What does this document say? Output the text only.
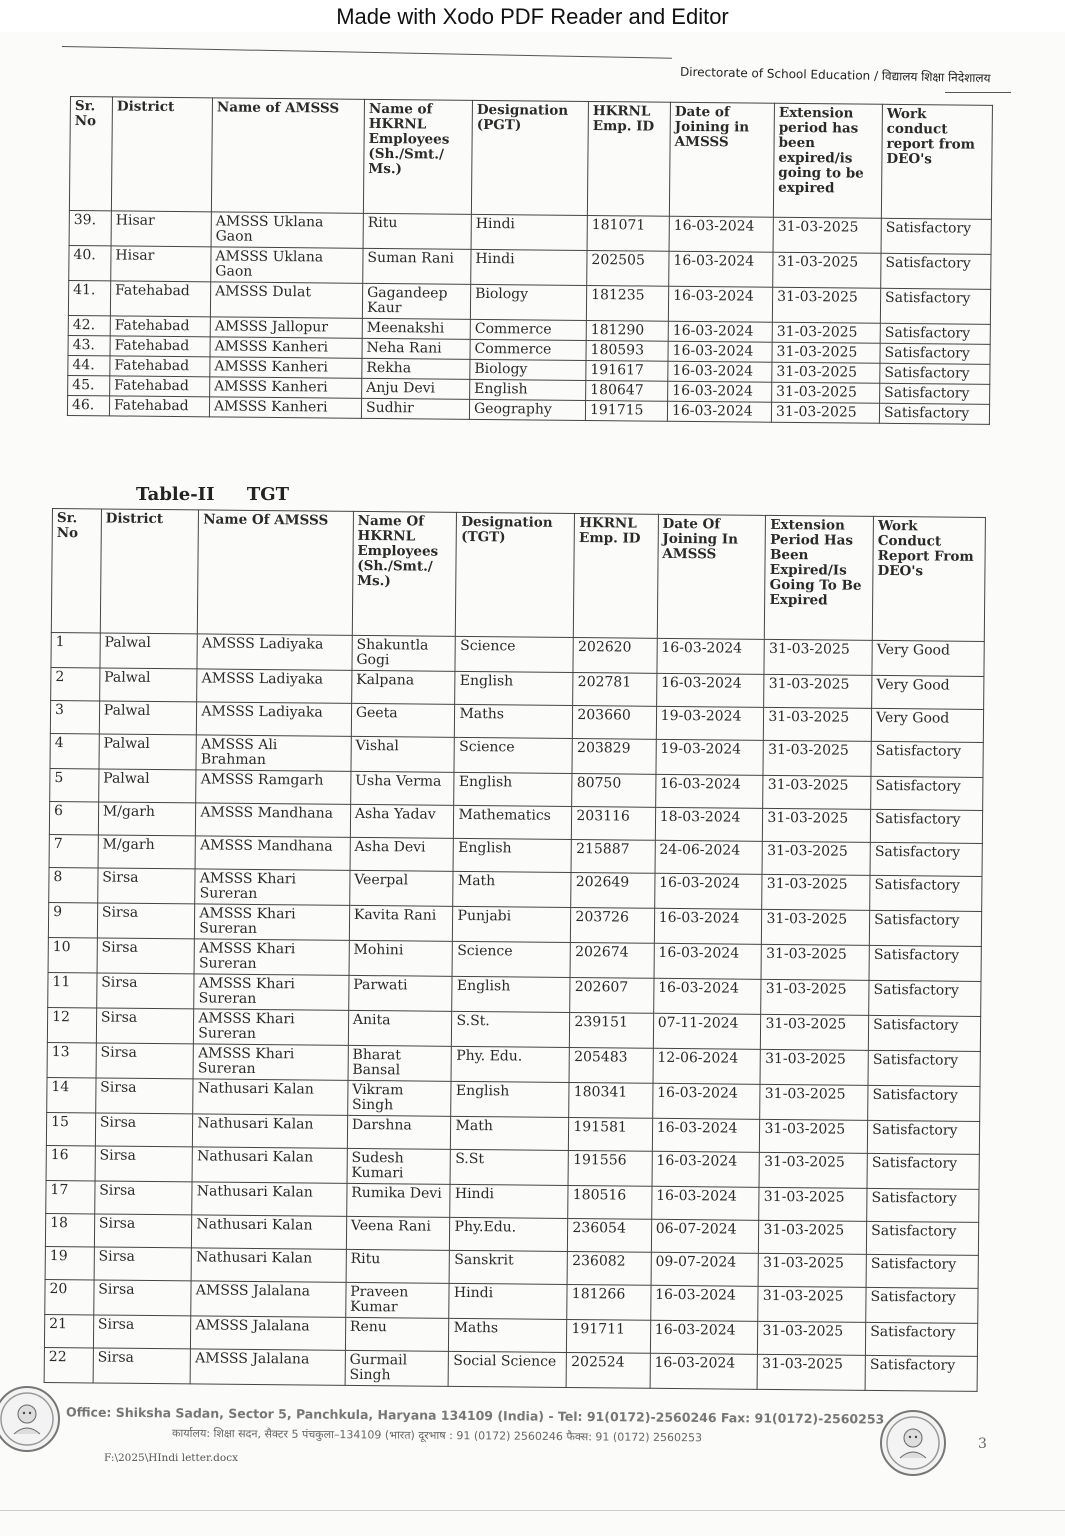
Made with Xodo PDF Reader and Editor
Directorate of School Education / विद्यालय शिक्षा निदेशालय
Sr. No	District	Name of AMSSS	Name of HKRNL Employees (Sh./Smt./ Ms.)	Designation (PGT)	HKRNL Emp. ID	Date of Joining in AMSSS	Extension period has been expired/is going to be expired	Work conduct report from DEO's
39.	Hisar	AMSSS Uklana Gaon	Ritu	Hindi	181071	16-03-2024	31-03-2025	Satisfactory
40.	Hisar	AMSSS Uklana Gaon	Suman Rani	Hindi	202505	16-03-2024	31-03-2025	Satisfactory
41.	Fatehabad	AMSSS Dulat	Gagandeep Kaur	Biology	181235	16-03-2024	31-03-2025	Satisfactory
42.	Fatehabad	AMSSS Jallopur	Meenakshi	Commerce	181290	16-03-2024	31-03-2025	Satisfactory
43.	Fatehabad	AMSSS Kanheri	Neha Rani	Commerce	180593	16-03-2024	31-03-2025	Satisfactory
44.	Fatehabad	AMSSS Kanheri	Rekha	Biology	191617	16-03-2024	31-03-2025	Satisfactory
45.	Fatehabad	AMSSS Kanheri	Anju Devi	English	180647	16-03-2024	31-03-2025	Satisfactory
46.	Fatehabad	AMSSS Kanheri	Sudhir	Geography	191715	16-03-2024	31-03-2025	Satisfactory
Table-II TGT
Sr. No	District	Name Of AMSSS	Name Of HKRNL Employees (Sh./Smt./ Ms.)	Designation (TGT)	HKRNL Emp. ID	Date Of Joining In AMSSS	Extension Period Has Been Expired/Is Going To Be Expired	Work Conduct Report From DEO's
1	Palwal	AMSSS Ladiyaka	Shakuntla Gogi	Science	202620	16-03-2024	31-03-2025	Very Good
2	Palwal	AMSSS Ladiyaka	Kalpana	English	202781	16-03-2024	31-03-2025	Very Good
3	Palwal	AMSSS Ladiyaka	Geeta	Maths	203660	19-03-2024	31-03-2025	Very Good
4	Palwal	AMSSS Ali Brahman	Vishal	Science	203829	19-03-2024	31-03-2025	Satisfactory
5	Palwal	AMSSS Ramgarh	Usha Verma	English	80750	16-03-2024	31-03-2025	Satisfactory
6	M/garh	AMSSS Mandhana	Asha Yadav	Mathematics	203116	18-03-2024	31-03-2025	Satisfactory
7	M/garh	AMSSS Mandhana	Asha Devi	English	215887	24-06-2024	31-03-2025	Satisfactory
8	Sirsa	AMSSS Khari Sureran	Veerpal	Math	202649	16-03-2024	31-03-2025	Satisfactory
9	Sirsa	AMSSS Khari Sureran	Kavita Rani	Punjabi	203726	16-03-2024	31-03-2025	Satisfactory
10	Sirsa	AMSSS Khari Sureran	Mohini	Science	202674	16-03-2024	31-03-2025	Satisfactory
11	Sirsa	AMSSS Khari Sureran	Parwati	English	202607	16-03-2024	31-03-2025	Satisfactory
12	Sirsa	AMSSS Khari Sureran	Anita	S.St.	239151	07-11-2024	31-03-2025	Satisfactory
13	Sirsa	AMSSS Khari Sureran	Bharat Bansal	Phy. Edu.	205483	12-06-2024	31-03-2025	Satisfactory
14	Sirsa	Nathusari Kalan	Vikram Singh	English	180341	16-03-2024	31-03-2025	Satisfactory
15	Sirsa	Nathusari Kalan	Darshna	Math	191581	16-03-2024	31-03-2025	Satisfactory
16	Sirsa	Nathusari Kalan	Sudesh Kumari	S.St	191556	16-03-2024	31-03-2025	Satisfactory
17	Sirsa	Nathusari Kalan	Rumika Devi	Hindi	180516	16-03-2024	31-03-2025	Satisfactory
18	Sirsa	Nathusari Kalan	Veena Rani	Phy.Edu.	236054	06-07-2024	31-03-2025	Satisfactory
19	Sirsa	Nathusari Kalan	Ritu	Sanskrit	236082	09-07-2024	31-03-2025	Satisfactory
20	Sirsa	AMSSS Jalalana	Praveen Kumar	Hindi	181266	16-03-2024	31-03-2025	Satisfactory
21	Sirsa	AMSSS Jalalana	Renu	Maths	191711	16-03-2024	31-03-2025	Satisfactory
22	Sirsa	AMSSS Jalalana	Gurmail Singh	Social Science	202524	16-03-2024	31-03-2025	Satisfactory
Office: Shiksha Sadan, Sector 5, Panchkula, Haryana 134109 (India) - Tel: 91(0172)-2560246 Fax: 91(0172)-2560253
कार्यालय: शिक्षा सदन, सैक्टर 5 पंचकुला–134109 (भारत) दूरभाष : 91 (0172) 2560246 फैक्स: 91 (0172) 2560253
F:\2025\HIndi letter.docx
3
